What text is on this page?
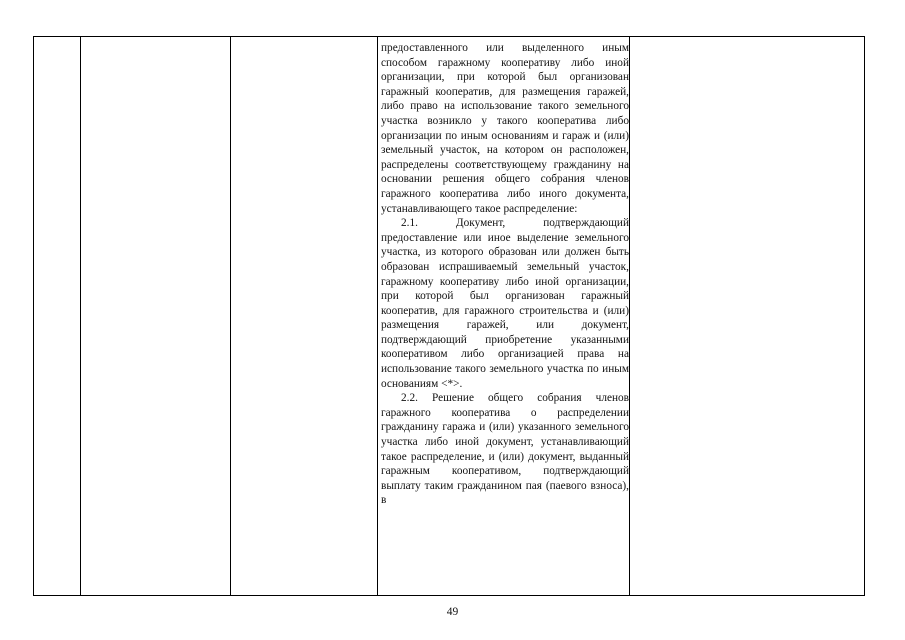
предоставленного или выделенного иным способом гаражному кооперативу либо иной организации, при которой был организован гаражный кооператив, для размещения гаражей, либо право на использование такого земельного участка возникло у такого кооператива либо организации по иным основаниям и гараж и (или) земельный участок, на котором он расположен, распределены соответствующему гражданину на основании решения общего собрания членов гаражного кооператива либо иного документа, устанавливающего такое распределение:

2.1. Документ, подтверждающий предоставление или иное выделение земельного участка, из которого образован или должен быть образован испрашиваемый земельный участок, гаражному кооперативу либо иной организации, при которой был организован гаражный кооператив, для гаражного строительства и (или) размещения гаражей, или документ, подтверждающий приобретение указанными кооперативом либо организацией права на использование такого земельного участка по иным основаниям <*>.

2.2. Решение общего собрания членов гаражного кооператива о распределении гражданину гаража и (или) указанного земельного участка либо иной документ, устанавливающий такое распределение, и (или) документ, выданный гаражным кооперативом, подтверждающий выплату таким гражданином пая (паевого взноса), в

49
